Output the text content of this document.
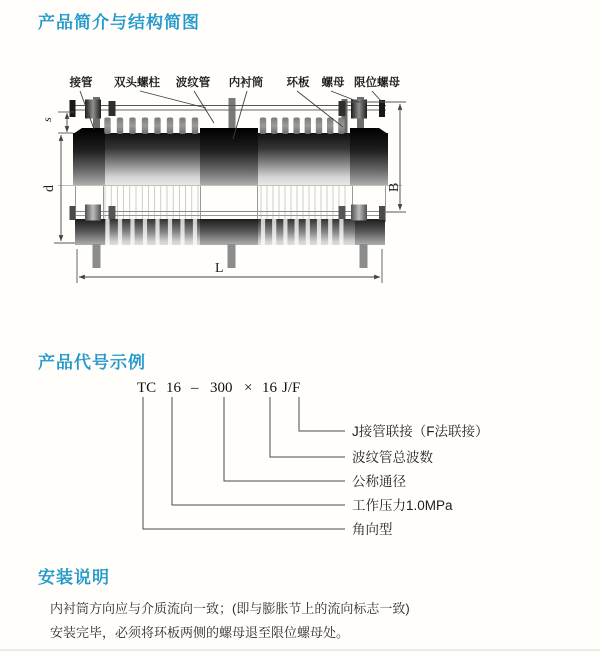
产品简介与结构简图
s
d	B
L
接管 双头螺柱 波纹管 内衬筒 环板 螺母 限位螺母
产品代号示例
TC 16 – 300 × 16 J/F
J接管联接（F法联接）
波纹管总波数
公称通径
工作压力1.0MPa
角向型
安装说明
内衬筒方向应与介质流向一致；(即与膨胀节上的流向标志一致)
安装完毕，必须将环板两侧的螺母退至限位螺母处。
